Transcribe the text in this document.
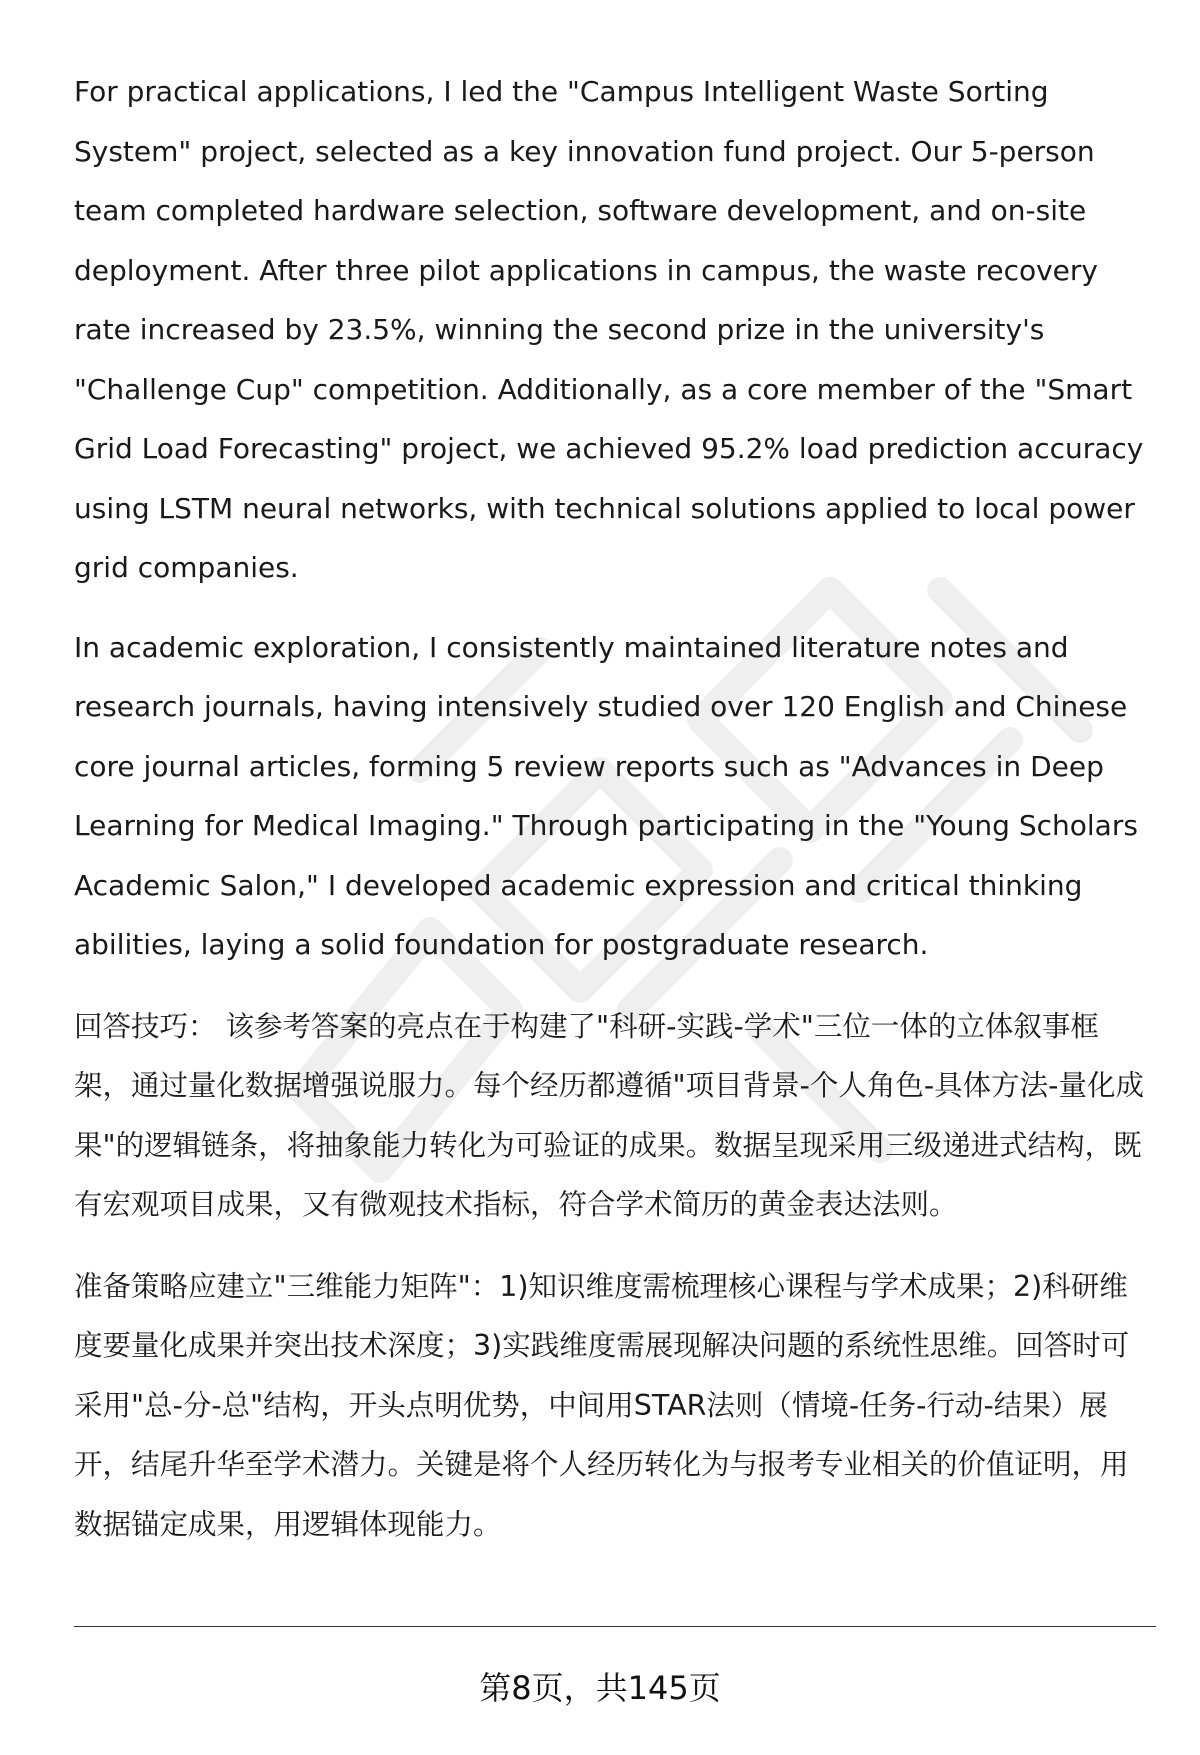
For practical applications, I led the "Campus Intelligent Waste Sorting System" project, selected as a key innovation fund project. Our 5-person team completed hardware selection, software development, and on-site deployment. After three pilot applications in campus, the waste recovery rate increased by 23.5%, winning the second prize in the university's "Challenge Cup" competition. Additionally, as a core member of the "Smart Grid Load Forecasting" project, we achieved 95.2% load prediction accuracy using LSTM neural networks, with technical solutions applied to local power grid companies.

In academic exploration, I consistently maintained literature notes and research journals, having intensively studied over 120 English and Chinese core journal articles, forming 5 review reports such as "Advances in Deep Learning for Medical Imaging." Through participating in the "Young Scholars Academic Salon," I developed academic expression and critical thinking abilities, laying a solid foundation for postgraduate research.

回答技巧： 该参考答案的亮点在于构建了"科研-实践-学术"三位一体的立体叙事框架，通过量化数据增强说服力。每个经历都遵循"项目背景-个人角色-具体方法-量化成果"的逻辑链条，将抽象能力转化为可验证的成果。数据呈现采用三级递进式结构，既有宏观项目成果，又有微观技术指标，符合学术简历的黄金表达法则。

准备策略应建立"三维能力矩阵"：1)知识维度需梳理核心课程与学术成果；2)科研维度要量化成果并突出技术深度；3)实践维度需展现解决问题的系统性思维。回答时可采用"总-分-总"结构，开头点明优势，中间用STAR法则（情境-任务-行动-结果）展开，结尾升华至学术潜力。关键是将个人经历转化为与报考专业相关的价值证明，用数据锚定成果，用逻辑体现能力。

第8页，共145页
